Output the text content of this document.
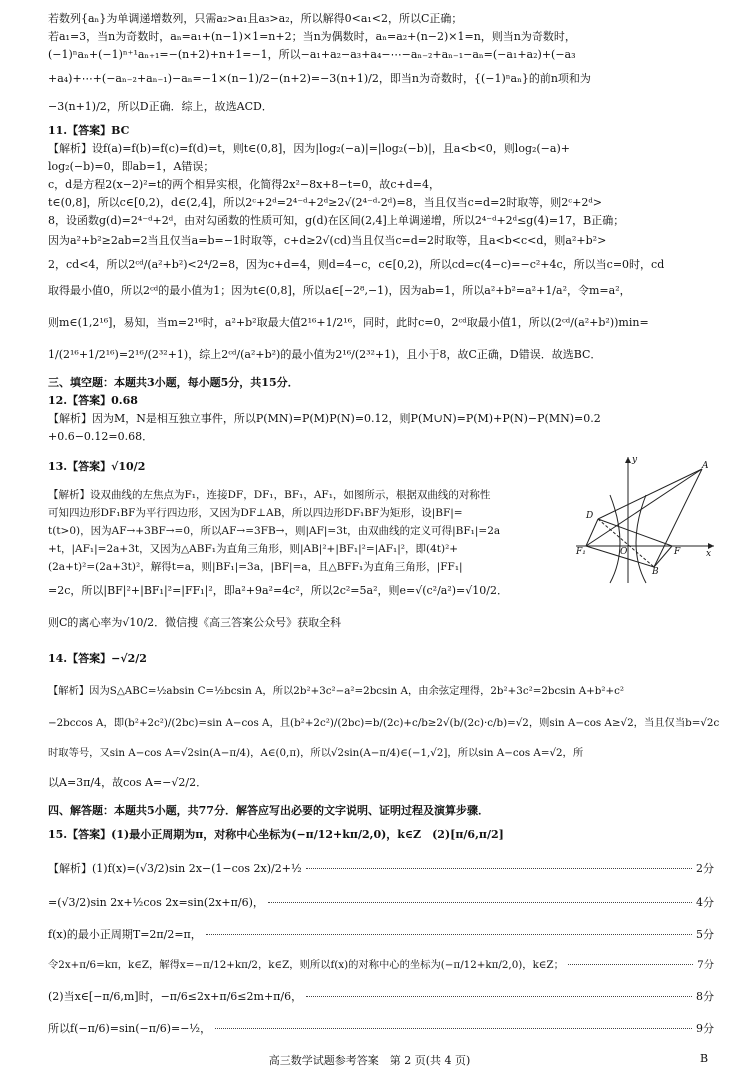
若数列{aₙ}为单调递增数列，只需a₂>a₁且a₃>a₂，所以解得0<a₁<2，所以C正确；
若a₁=3，当n为奇数时，aₙ=a₁+(n−1)×1=n+2；当n为偶数时，aₙ=a₂+(n−2)×1=n，则当n为奇数时，
(−1)ⁿaₙ+(−1)ⁿ⁺¹aₙ₊₁=−(n+2)+n+1=−1，所以−a₁+a₂−a₃+a₄−⋯−aₙ₋₂+aₙ₋₁−aₙ=(−a₁+a₂)+(−a₃
+a₄)+⋯+(−aₙ₋₂+aₙ₋₁)−aₙ=−1×(n−1)/2−(n+2)=−3(n+1)/2，即当n为奇数时，{(−1)ⁿaₙ}的前n项和为
−3(n+1)/2，所以D正确．综上，故选ACD．
11.【答案】BC
【解析】设f(a)=f(b)=f(c)=f(d)=t，则t∈(0,8]，因为|log₂(−a)|=|log₂(−b)|，且a<b<0，则log₂(−a)+
log₂(−b)=0，即ab=1，A错误；
c，d是方程2(x−2)²=t的两个相异实根，化简得2x²−8x+8−t=0，故c+d=4，
t∈(0,8]，所以c∈[0,2)，d∈(2,4]，所以2ᶜ+2ᵈ=2⁴⁻ᵈ+2ᵈ≥2√(2⁴⁻ᵈ·2ᵈ)=8，当且仅当c=d=2时取等，则2ᶜ+2ᵈ>
8，设函数g(d)=2⁴⁻ᵈ+2ᵈ，由对勾函数的性质可知，g(d)在区间(2,4]上单调递增，所以2⁴⁻ᵈ+2ᵈ≤g(4)=17，B正确；
因为a²+b²≥2ab=2当且仅当a=b=−1时取等，c+d≥2√(cd)当且仅当c=d=2时取等，且a<b<c<d，则a²+b²>
2，cd<4，所以2ᶜᵈ/(a²+b²)<2⁴/2=8，因为c+d=4，则d=4−c，c∈[0,2)，所以cd=c(4−c)=−c²+4c，所以当c=0时，cd
取得最小值0，所以2ᶜᵈ的最小值为1；因为t∈(0,8]，所以a∈[−2⁸,−1)，因为ab=1，所以a²+b²=a²+1/a²，令m=a²，
则m∈(1,2¹⁶]，易知，当m=2¹⁶时，a²+b²取最大值2¹⁶+1/2¹⁶，同时，此时c=0，2ᶜᵈ取最小值1，所以(2ᶜᵈ/(a²+b²))min=
1/(2¹⁶+1/2¹⁶)=2¹⁶/(2³²+1)，综上2ᶜᵈ/(a²+b²)的最小值为2¹⁶/(2³²+1)，且小于8，故C正确，D错误．故选BC．
三、填空题：本题共3小题，每小题5分，共15分．
12.【答案】0.68
【解析】因为M，N是相互独立事件，所以P(MN)=P(M)P(N)=0.12，则P(M∪N)=P(M)+P(N)−P(MN)=0.2
+0.6−0.12=0.68．
13.【答案】√10/2
【解析】设双曲线的左焦点为F₁，连接DF，DF₁，BF₁，AF₁，如图所示，根据双曲线的对称性
可知四边形DF₁BF为平行四边形，又因为DF⊥AB，所以四边形DF₁BF为矩形，设|BF|=
t(t>0)，因为AF→+3BF→=0，所以AF→=3FB→，则|AF|=3t，由双曲线的定义可得|BF₁|=2a
+t，|AF₁|=2a+3t，又因为△ABF₁为直角三角形，则|AB|²+|BF₁|²=|AF₁|²，即(4t)²+
(2a+t)²=(2a+3t)²，解得t=a，则|BF₁|=3a，|BF|=a，且△BFF₁为直角三角形，|FF₁|
=2c，所以|BF|²+|BF₁|²=|FF₁|²，即a²+9a²=4c²，所以2c²=5a²，则e=√(c²/a²)=√10/2．
则C的离心率为√10/2．微信搜《高三答案公众号》获取全科
y
A
D
F₁	O	F	x
B
14.【答案】−√2/2
【解析】因为S△ABC=½absin C=½bcsin A，所以2b²+3c²−a²=2bcsin A，由余弦定理得，2b²+3c²=2bcsin A+b²+c²
−2bccos A，即(b²+2c²)/(2bc)=sin A−cos A，且(b²+2c²)/(2bc)=b/(2c)+c/b≥2√(b/(2c)·c/b)=√2，则sin A−cos A≥√2，当且仅当b=√2c
时取等号，又sin A−cos A=√2sin(A−π/4)，A∈(0,π)，所以√2sin(A−π/4)∈(−1,√2]，所以sin A−cos A=√2，所
以A=3π/4，故cos A=−√2/2．
四、解答题：本题共5小题，共77分．解答应写出必要的文字说明、证明过程及演算步骤．
15.【答案】(1)最小正周期为π，对称中心坐标为(−π/12+kπ/2,0)，k∈Z　(2)[π/6,π/2]
【解析】(1)f(x)=(√3/2)sin 2x−(1−cos 2x)/2+½	2分
=(√3/2)sin 2x+½cos 2x=sin(2x+π/6)，	4分
f(x)的最小正周期T=2π/2=π，	5分
令2x+π/6=kπ，k∈Z，解得x=−π/12+kπ/2，k∈Z，则所以f(x)的对称中心的坐标为(−π/12+kπ/2,0)，k∈Z；	7分
(2)当x∈[−π/6,m]时，−π/6≤2x+π/6≤2m+π/6，	8分
所以f(−π/6)=sin(−π/6)=−½，	9分
高三数学试题参考答案　第 2 页(共 4 页)	B
